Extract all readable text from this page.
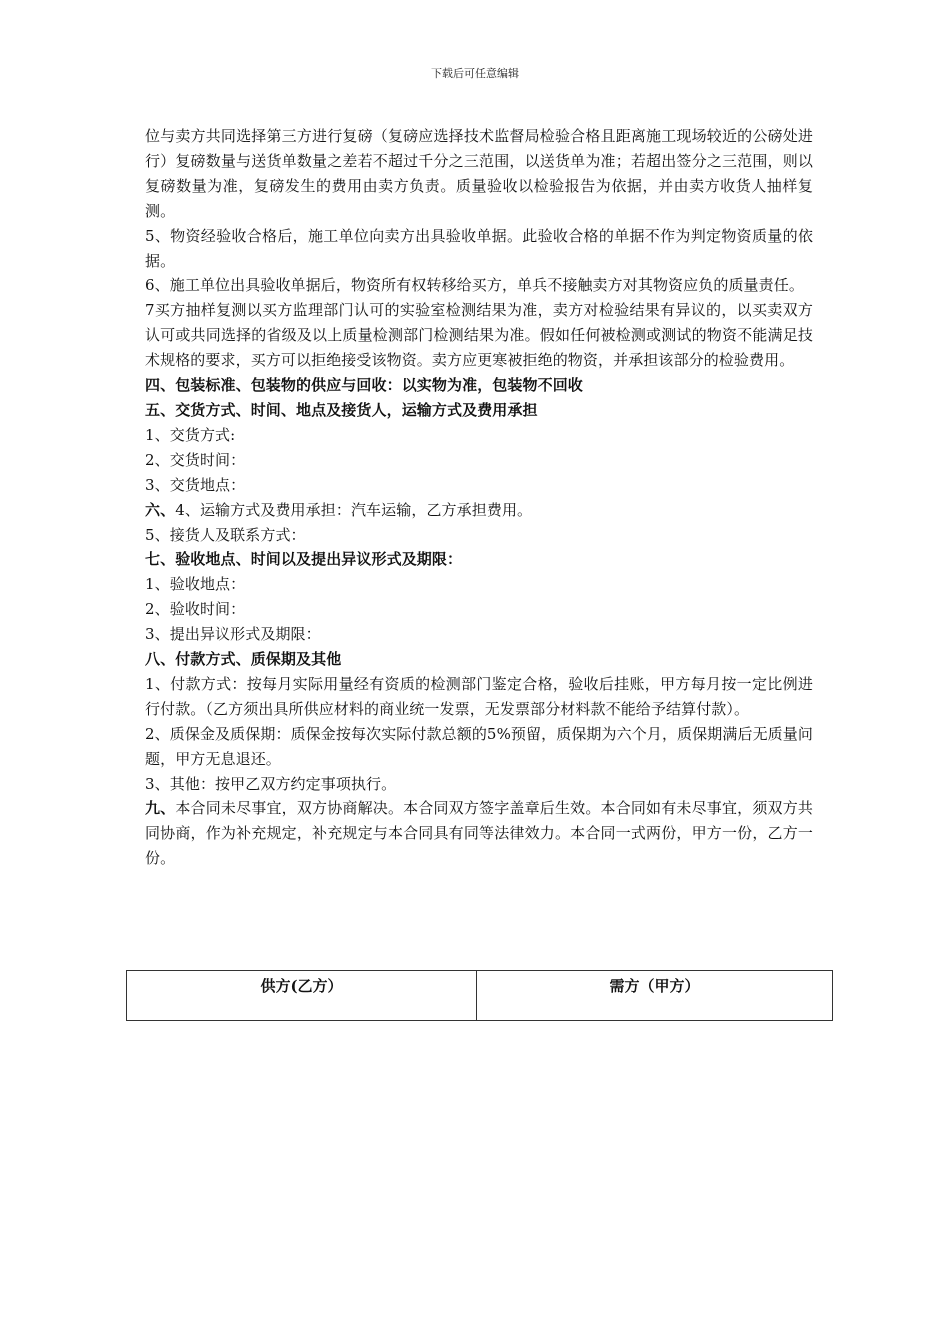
下载后可任意编辑

位与卖方共同选择第三方进行复磅（复磅应选择技术监督局检验合格且距离施工现场较近的公磅处进行）复磅数量与送货单数量之差若不超过千分之三范围，以送货单为准；若超出签分之三范围，则以复磅数量为准，复磅发生的费用由卖方负责。质量验收以检验报告为依据，并由卖方收货人抽样复测。

5、物资经验收合格后，施工单位向卖方出具验收单据。此验收合格的单据不作为判定物资质量的依据。

6、施工单位出具验收单据后，物资所有权转移给买方，单兵不接触卖方对其物资应负的质量责任。

7买方抽样复测以买方监理部门认可的实验室检测结果为准，卖方对检验结果有异议的，以买卖双方认可或共同选择的省级及以上质量检测部门检测结果为准。假如任何被检测或测试的物资不能满足技术规格的要求，买方可以拒绝接受该物资。卖方应更寒被拒绝的物资，并承担该部分的检验费用。

四、包装标准、包装物的供应与回收：以实物为准，包装物不回收

五、交货方式、时间、地点及接货人，运输方式及费用承担

1、交货方式:

2、交货时间：

3、交货地点：

六、4、运输方式及费用承担：汽车运输，乙方承担费用。

5、接货人及联系方式：

七、验收地点、时间以及提出异议形式及期限：

1、验收地点：

2、验收时间：

3、提出异议形式及期限：

八、付款方式、质保期及其他

1、付款方式：按每月实际用量经有资质的检测部门鉴定合格，验收后挂账，甲方每月按一定比例进行付款。（乙方须出具所供应材料的商业统一发票，无发票部分材料款不能给予结算付款）。

2、质保金及质保期：质保金按每次实际付款总额的5%预留，质保期为六个月，质保期满后无质量问题，甲方无息退还。

3、其他：按甲乙双方约定事项执行。

九、本合同未尽事宜，双方协商解决。本合同双方签字盖章后生效。本合同如有未尽事宜，须双方共同协商，作为补充规定，补充规定与本合同具有同等法律效力。本合同一式两份，甲方一份，乙方一份。

供方(乙方）	需方（甲方）
